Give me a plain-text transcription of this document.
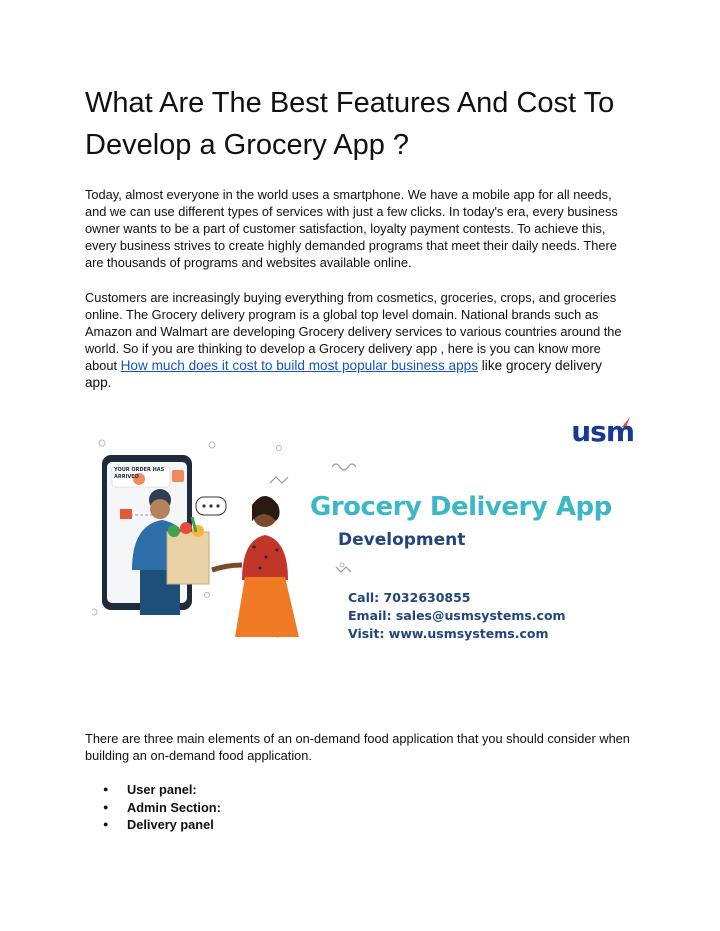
What Are The Best Features And Cost To Develop a Grocery App ?

Today, almost everyone in the world uses a smartphone. We have a mobile app for all needs, and we can use different types of services with just a few clicks. In today's era, every business owner wants to be a part of customer satisfaction, loyalty payment contests. To achieve this, every business strives to create highly demanded programs that meet their daily needs. There are thousands of programs and websites available online.

Customers are increasingly buying everything from cosmetics, groceries, crops, and groceries online. The Grocery delivery program is a global top level domain. National brands such as Amazon and Walmart are developing Grocery delivery services to various countries around the world. So if you are thinking to develop a Grocery delivery app , here is you can know more about How much does it cost to build most popular business apps like grocery delivery app.

usm
Grocery Delivery App
Development
Call: 7032630855
Email: sales@usmsystems.com
Visit: www.usmsystems.com
YOUR ORDER HAS ARRIVED

There are three main elements of an on-demand food application that you should consider when building an on-demand food application.

● User panel:
● Admin Section:
● Delivery panel
